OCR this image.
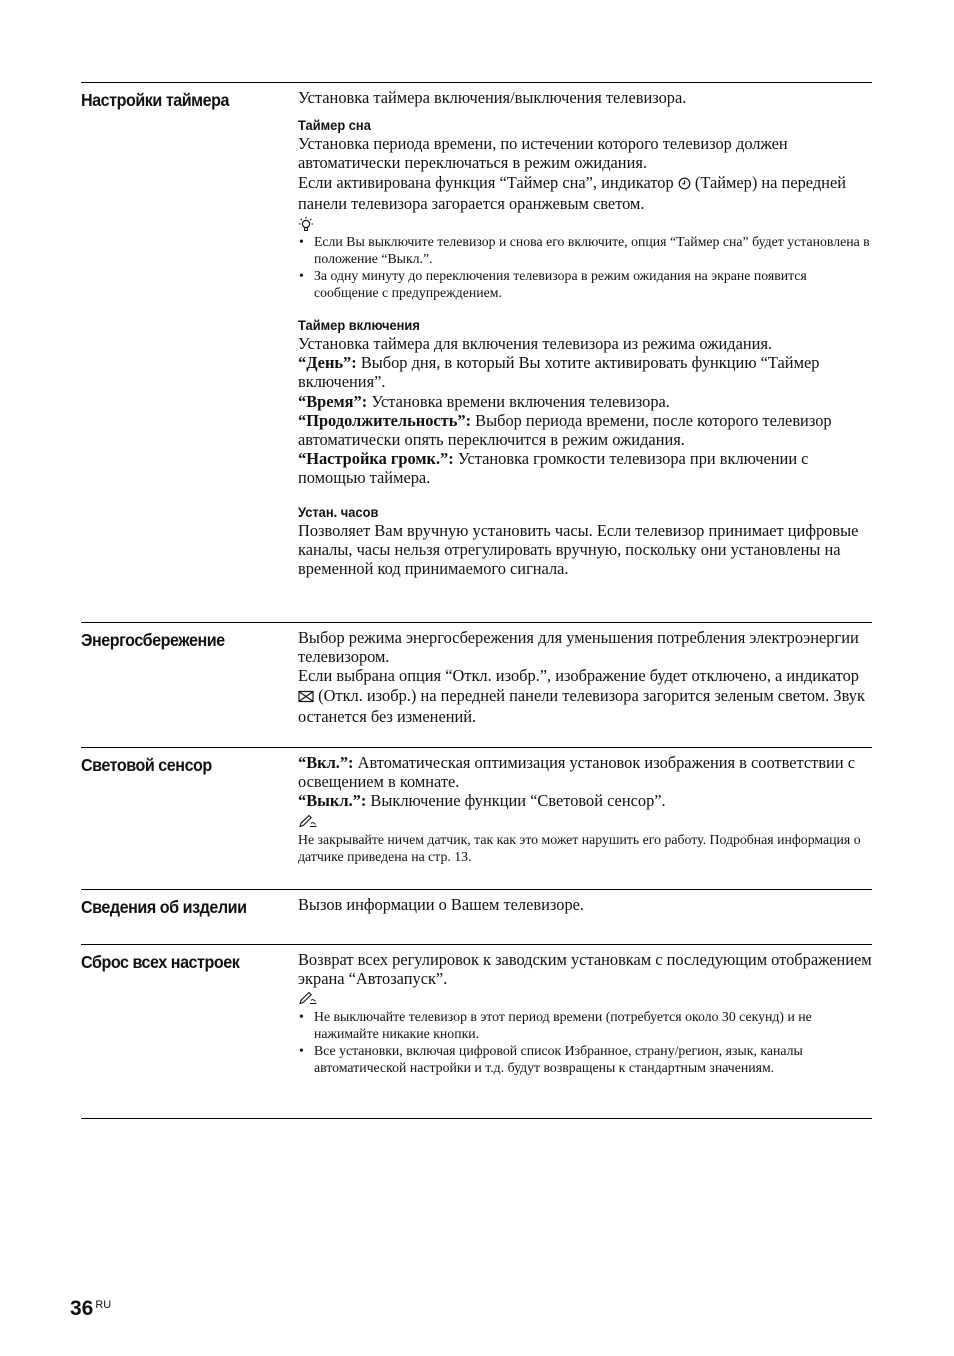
Настройки таймера	Установка таймера включения/выключения телевизора.

Таймер сна

Установка периода времени, по истечении которого телевизор должен автоматически переключаться в режим ожидания.

Если активирована функция “Таймер сна”, индикатор (Таймер) на передней панели телевизора загорается оранжевым светом.

• Если Вы выключите телевизор и снова его включите, опция “Таймер сна” будет установлена в положение “Выкл.”.
• За одну минуту до переключения телевизора в режим ожидания на экране появится сообщение с предупреждением.
Таймер включения

Установка таймера для включения телевизора из режима ожидания.

“День”: Выбор дня, в который Вы хотите активировать функцию “Таймер включения”.

“Время”: Установка времени включения телевизора.

“Продолжительность”: Выбор периода времени, после которого телевизор автоматически опять переключится в режим ожидания.

“Настройка громк.”: Установка громкости телевизора при включении с помощью таймера.

Устан. часов

Позволяет Вам вручную установить часы. Если телевизор принимает цифровые каналы, часы нельзя отрегулировать вручную, поскольку они установлены на временной код принимаемого сигнала.

Энергосбережение	Выбор режима энергосбережения для уменьшения потребления электроэнергии телевизором.

Если выбрана опция “Откл. изобр.”, изображение будет отключено, а индикатор  (Откл. изобр.) на передней панели телевизора загорится зеленым светом. Звук останется без изменений.

Световой сенсор	“Вкл.”: Автоматическая оптимизация установок изображения в соответствии с освещением в комнате.

“Выкл.”: Выключение функции “Световой сенсор”.

Не закрывайте ничем датчик, так как это может нарушить его работу. Подробная информация о датчике приведена на стр. 13.

Сведения об изделии	Вызов информации о Вашем телевизоре.

Сброс всех настроек	Возврат всех регулировок к заводским установкам с последующим отображением экрана “Автозапуск”.

• Не выключайте телевизор в этот период времени (потребуется около 30 секунд) и не нажимайте никакие кнопки.
• Все установки, включая цифровой список Избранное, страну/регион, язык, каналы автоматической настройки и т.д. будут возвращены к стандартным значениям.
36 $^{RU}$
